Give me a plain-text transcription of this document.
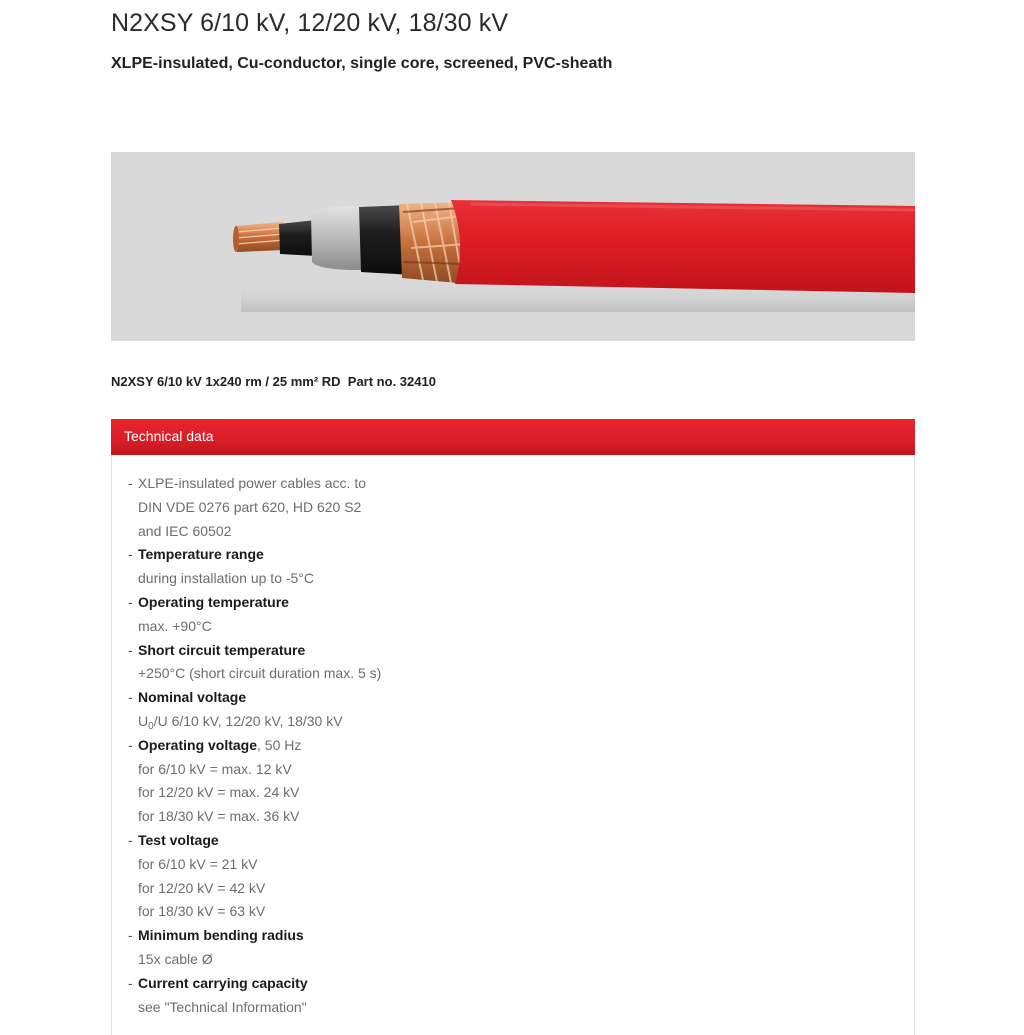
N2XSY 6/10 kV, 12/20 kV, 18/30 kV
XLPE-insulated, Cu-conductor, single core, screened, PVC-sheath
N2XSY 6/10 kV 1x240 rm / 25 mm² RD  Part no. 32410
Technical data
- XLPE-insulated power cables acc. to
DIN VDE 0276 part 620, HD 620 S2
and IEC 60502
- Temperature range
during installation up to -5°C
- Operating temperature
max. +90°C
- Short circuit temperature
+250°C (short circuit duration max. 5 s)
- Nominal voltage
$U_0/U$ 6/10 kV, 12/20 kV, 18/30 kV
- Operating voltage, 50 Hz
for 6/10 kV = max. 12 kV
for 12/20 kV = max. 24 kV
for 18/30 kV = max. 36 kV
- Test voltage
for 6/10 kV = 21 kV
for 12/20 kV = 42 kV
for 18/30 kV = 63 kV
- Minimum bending radius
15x cable Ø
- Current carrying capacity
see "Technical Information"
